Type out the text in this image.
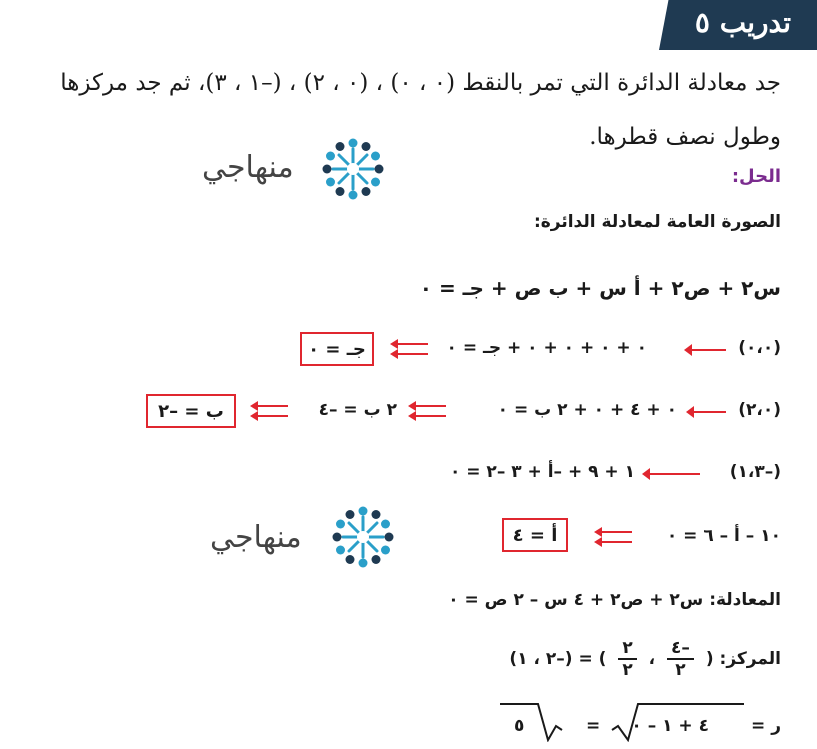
تدريب ٥
جد معادلة الدائرة التي تمر بالنقط (٠ ، ٠) ، (٠ ، ٢) ، (–١ ، ٣)، ثم جد مركزها
وطول نصف قطرها.
منهاجي	الحل:
الصورة العامة لمعادلة الدائرة:
س٢ + ص٢ + أ س + ب ص + جـ = ٠
(٠،٠)
٠ + ٠ + ٠ + ٠ + جـ = ٠
جـ = ٠
(٢،٠)
٠ + ٤ + ٠ + ٢ ب = ٠
٢ ب = –٤
ب = –٢
(–١،٣)
١ + ٩ + –أ + ٣ –٢ = ٠
منهاجي	١٠ – أ – ٦ = ٠
أ = ٤
المعادلة: س٢ + ص٢ + ٤ س – ٢ ص = ٠
المركز: (
$\frac{-٤}{٢}$
،
$\frac{٢}{٢}$
) = (–٢ ، ١)
ر =
٤ + ١ – ٠
=
٥
